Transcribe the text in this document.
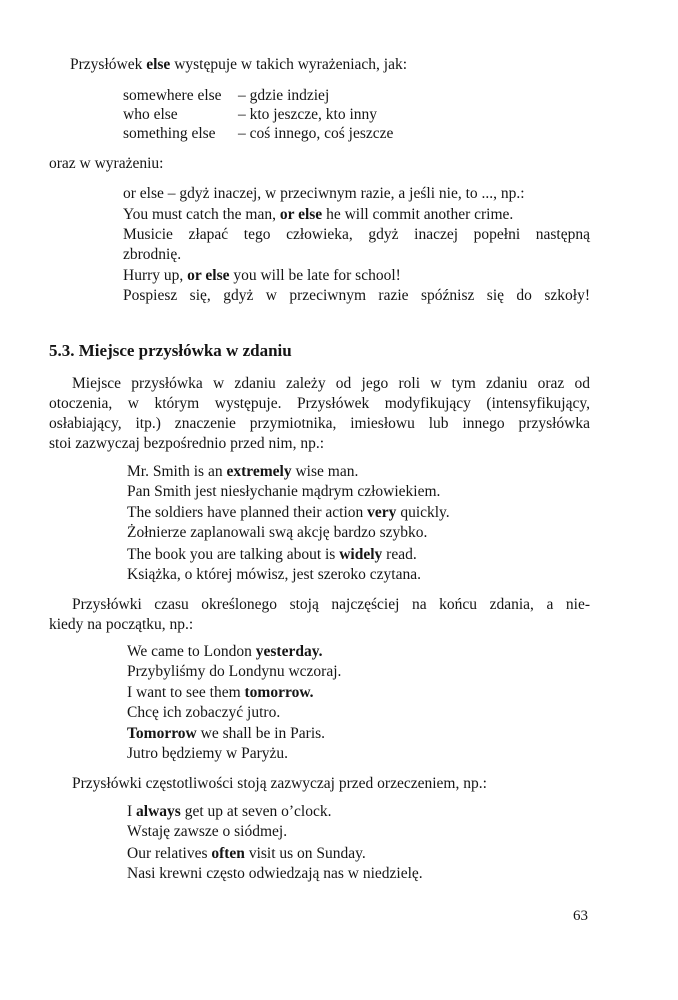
Przysłówek else występuje w takich wyrażeniach, jak:
somewhere else – gdzie indziej
who else	– kto jeszcze, kto inny
something else – coś innego, coś jeszcze
oraz w wyrażeniu:
or else – gdyż inaczej, w przeciwnym razie, a jeśli nie, to ..., np.:
You must catch the man, or else he will commit another crime.
Musicie złapać tego człowieka, gdyż inaczej popełni następną
zbrodnię.
Hurry up, or else you will be late for school!
Pospiesz się, gdyż w przeciwnym razie spóźnisz się do szkoły!
5.3. Miejsce przysłówka w zdaniu
Miejsce przysłówka w zdaniu zależy od jego roli w tym zdaniu oraz od
otoczenia, w którym występuje. Przysłówek modyfikujący (intensyfikujący,
osłabiający, itp.) znaczenie przymiotnika, imiesłowu lub innego przysłówka
stoi zazwyczaj bezpośrednio przed nim, np.:
Mr. Smith is an extremely wise man.
Pan Smith jest niesłychanie mądrym człowiekiem.
The soldiers have planned their action very quickly.
Żołnierze zaplanowali swą akcję bardzo szybko.
The book you are talking about is widely read.
Książka, o której mówisz, jest szeroko czytana.
Przysłówki czasu określonego stoją najczęściej na końcu zdania, a nie-
kiedy na początku, np.:
We came to London yesterday.
Przybyliśmy do Londynu wczoraj.
I want to see them tomorrow.
Chcę ich zobaczyć jutro.
Tomorrow we shall be in Paris.
Jutro będziemy w Paryżu.
Przysłówki częstotliwości stoją zazwyczaj przed orzeczeniem, np.:
I always get up at seven o’clock.
Wstaję zawsze o siódmej.
Our relatives often visit us on Sunday.
Nasi krewni często odwiedzają nas w niedzielę.
63
